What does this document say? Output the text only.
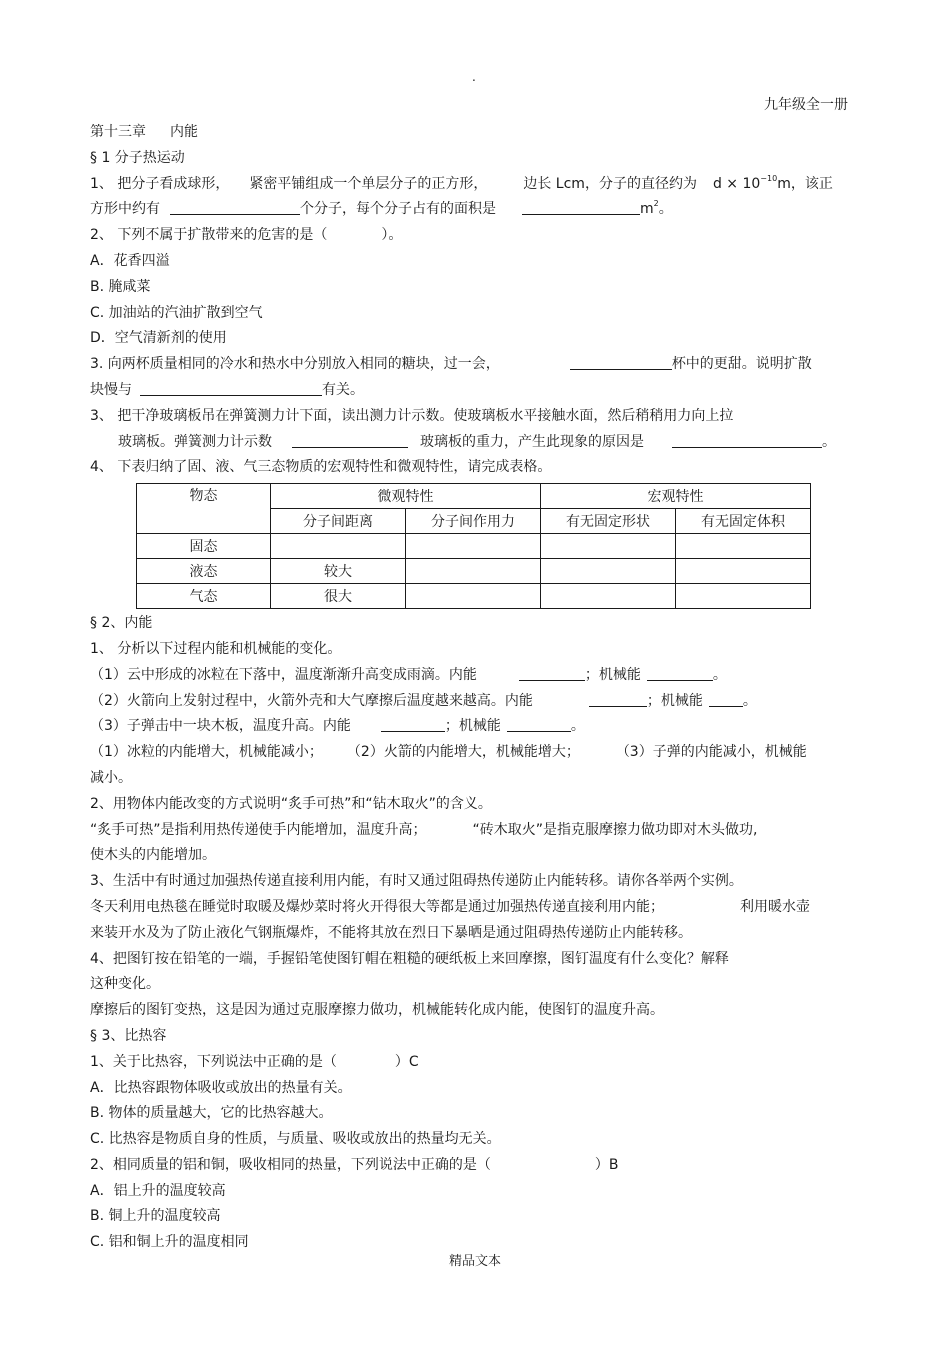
.
九年级全一册
第十三章 内能
§ 1 分子热运动
1、 把分子看成球形， 紧密平铺组成一个单层分子的正方形，	边长 Lcm，分子的直径约为 $d \times 10^{-10}m$，该正
方形中约有	个分子，每个分子占有的面积是	$m^2$。
2、 下列不属于扩散带来的危害的是（	）。
A．花香四溢
B. 腌咸菜
C. 加油站的汽油扩散到空气
D．空气清新剂的使用
3. 向两杯质量相同的冷水和热水中分别放入相同的糖块，过一会，	杯中的更甜。说明扩散
块慢与	有关。
3、 把干净玻璃板吊在弹簧测力计下面，读出测力计示数。使玻璃板水平接触水面，然后稍稍用力向上拉
玻璃板。弹簧测力计示数	玻璃板的重力，产生此现象的原因是	。
4、 下表归纳了固、液、气三态物质的宏观特性和微观特性，请完成表格。
物态	微观特性		宏观特性	
	分子间距离	分子间作用力	有无固定形状	有无固定体积
固态				
液态	较大			
气态	很大			
§ 2、内能
1、 分析以下过程内能和机械能的变化。
（1）云中形成的冰粒在下落中，温度渐渐升高变成雨滴。内能	；机械能	。
（2）火箭向上发射过程中，火箭外壳和大气摩擦后温度越来越高。内能	；机械能	。
（3）子弹击中一块木板，温度升高。内能	；机械能	。
（1）冰粒的内能增大，机械能减小； （2）火箭的内能增大，机械能增大；	（3）子弹的内能减小，机械能
减小。
2、用物体内能改变的方式说明“炙手可热”和“钻木取火”的含义。
“炙手可热”是指利用热传递使手内能增加，温度升高；	“砖木取火”是指克服摩擦力做功即对木头做功,
使木头的内能增加。
3、生活中有时通过加强热传递直接利用内能，有时又通过阻碍热传递防止内能转移。请你各举两个实例。
冬天利用电热毯在睡觉时取暖及爆炒菜时将火开得很大等都是通过加强热传递直接利用内能；	利用暖水壶
来装开水及为了防止液化气钢瓶爆炸，不能将其放在烈日下暴晒是通过阻碍热传递防止内能转移。
4、把图钉按在铅笔的一端，手握铅笔使图钉帽在粗糙的硬纸板上来回摩擦，图钉温度有什么变化？解释
这种变化。
摩擦后的图钉变热，这是因为通过克服摩擦力做功，机械能转化成内能，使图钉的温度升高。
§ 3、比热容
1、关于比热容，下列说法中正确的是（	）C
A．比热容跟物体吸收或放出的热量有关。
B. 物体的质量越大，它的比热容越大。
C. 比热容是物质自身的性质，与质量、吸收或放出的热量均无关。
2、相同质量的铝和铜，吸收相同的热量，下列说法中正确的是（	）B
A．铝上升的温度较高
B. 铜上升的温度较高
C. 铝和铜上升的温度相同
精品文本
